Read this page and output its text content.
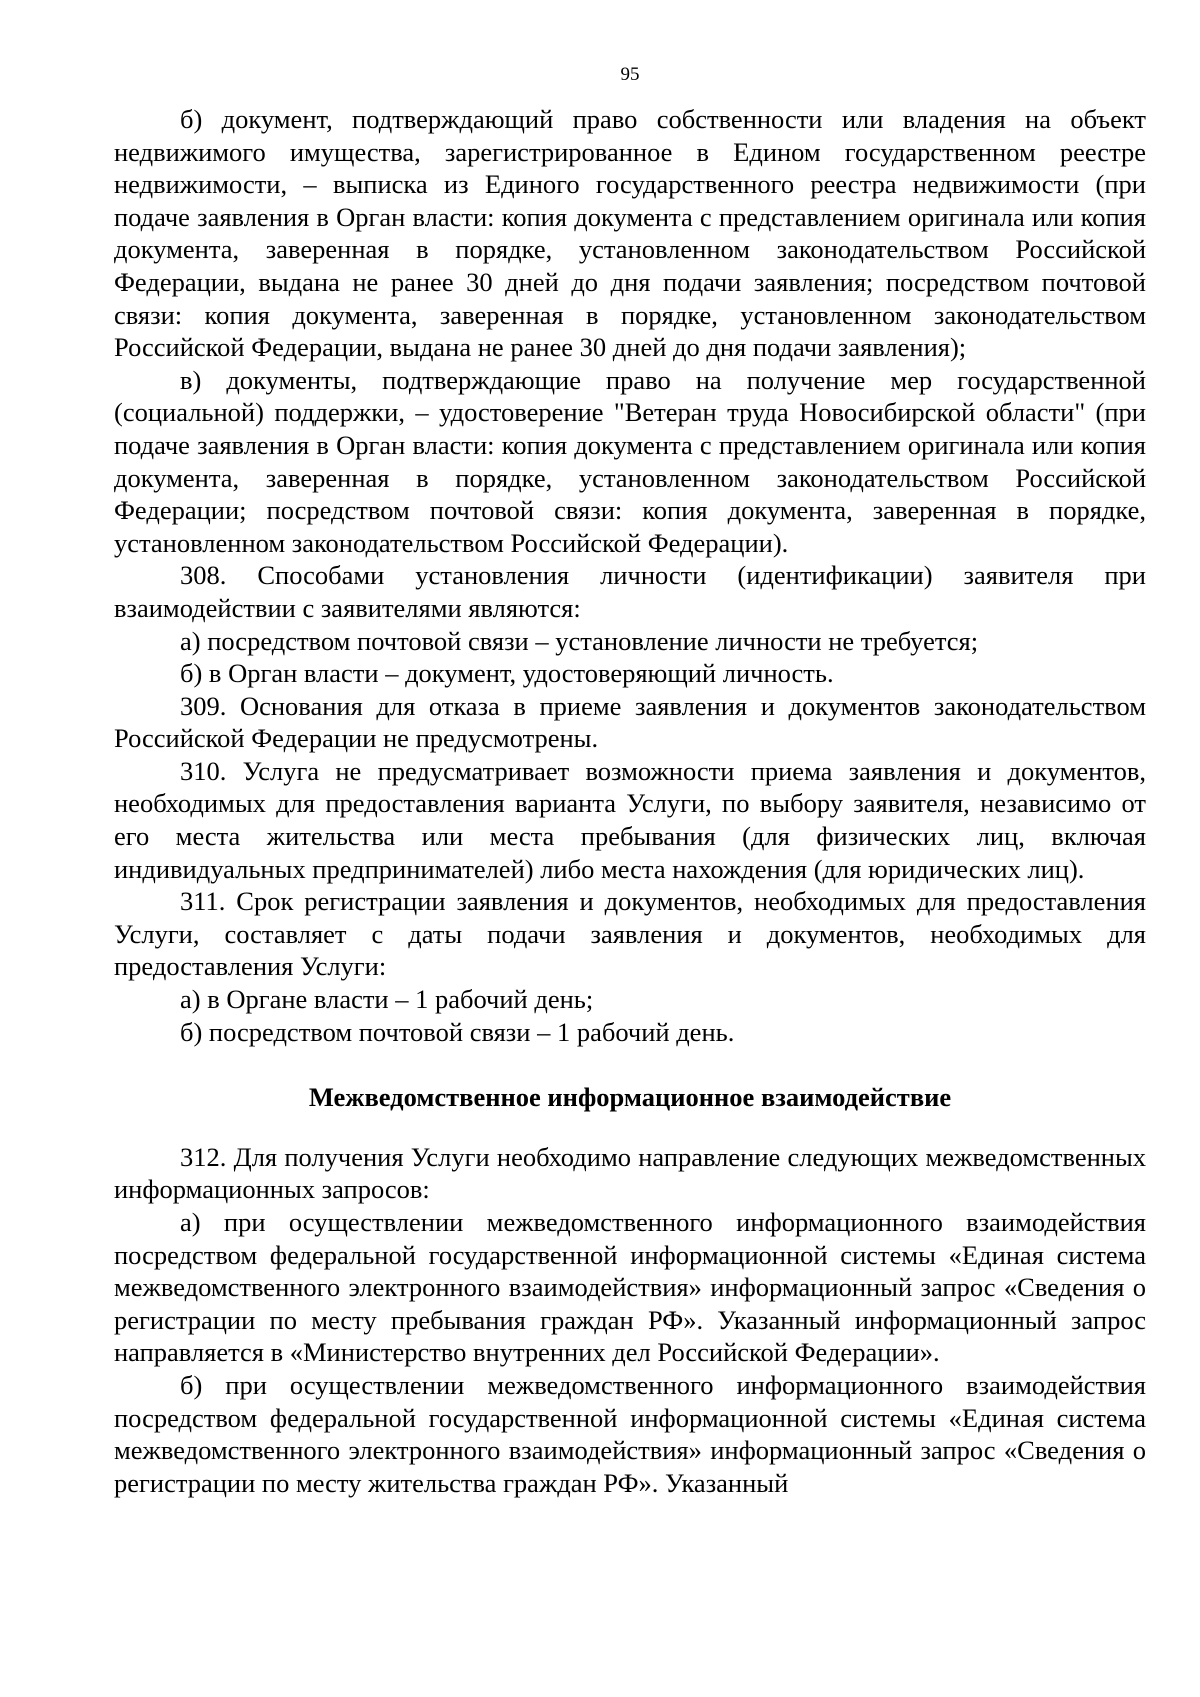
95

б) документ, подтверждающий право собственности или владения на объект недвижимого имущества, зарегистрированное в Едином государственном реестре недвижимости, – выписка из Единого государственного реестра недвижимости (при подаче заявления в Орган власти: копия документа с представлением оригинала или копия документа, заверенная в порядке, установленном законодательством Российской Федерации, выдана не ранее 30 дней до дня подачи заявления; посредством почтовой связи: копия документа, заверенная в порядке, установленном законодательством Российской Федерации, выдана не ранее 30 дней до дня подачи заявления);

в) документы, подтверждающие право на получение мер государственной (социальной) поддержки, – удостоверение "Ветеран труда Новосибирской области" (при подаче заявления в Орган власти: копия документа с представлением оригинала или копия документа, заверенная в порядке, установленном законодательством Российской Федерации; посредством почтовой связи: копия документа, заверенная в порядке, установленном законодательством Российской Федерации).

308. Способами установления личности (идентификации) заявителя при взаимодействии с заявителями являются:

а) посредством почтовой связи – установление личности не требуется;

б) в Орган власти – документ, удостоверяющий личность.

309. Основания для отказа в приеме заявления и документов законодательством Российской Федерации не предусмотрены.

310. Услуга не предусматривает возможности приема заявления и документов, необходимых для предоставления варианта Услуги, по выбору заявителя, независимо от его места жительства или места пребывания (для физических лиц, включая индивидуальных предпринимателей) либо места нахождения (для юридических лиц).

311. Срок регистрации заявления и документов, необходимых для предоставления Услуги, составляет с даты подачи заявления и документов, необходимых для предоставления Услуги:

а) в Органе власти – 1 рабочий день;

б) посредством почтовой связи – 1 рабочий день.

Межведомственное информационное взаимодействие

312. Для получения Услуги необходимо направление следующих межведомственных информационных запросов:

а) при осуществлении межведомственного информационного взаимодействия посредством федеральной государственной информационной системы «Единая система межведомственного электронного взаимодействия» информационный запрос «Сведения о регистрации по месту пребывания граждан РФ». Указанный информационный запрос направляется в «Министерство внутренних дел Российской Федерации».

б) при осуществлении межведомственного информационного взаимодействия посредством федеральной государственной информационной системы «Единая система межведомственного электронного взаимодействия» информационный запрос «Сведения о регистрации по месту жительства граждан РФ». Указанный
